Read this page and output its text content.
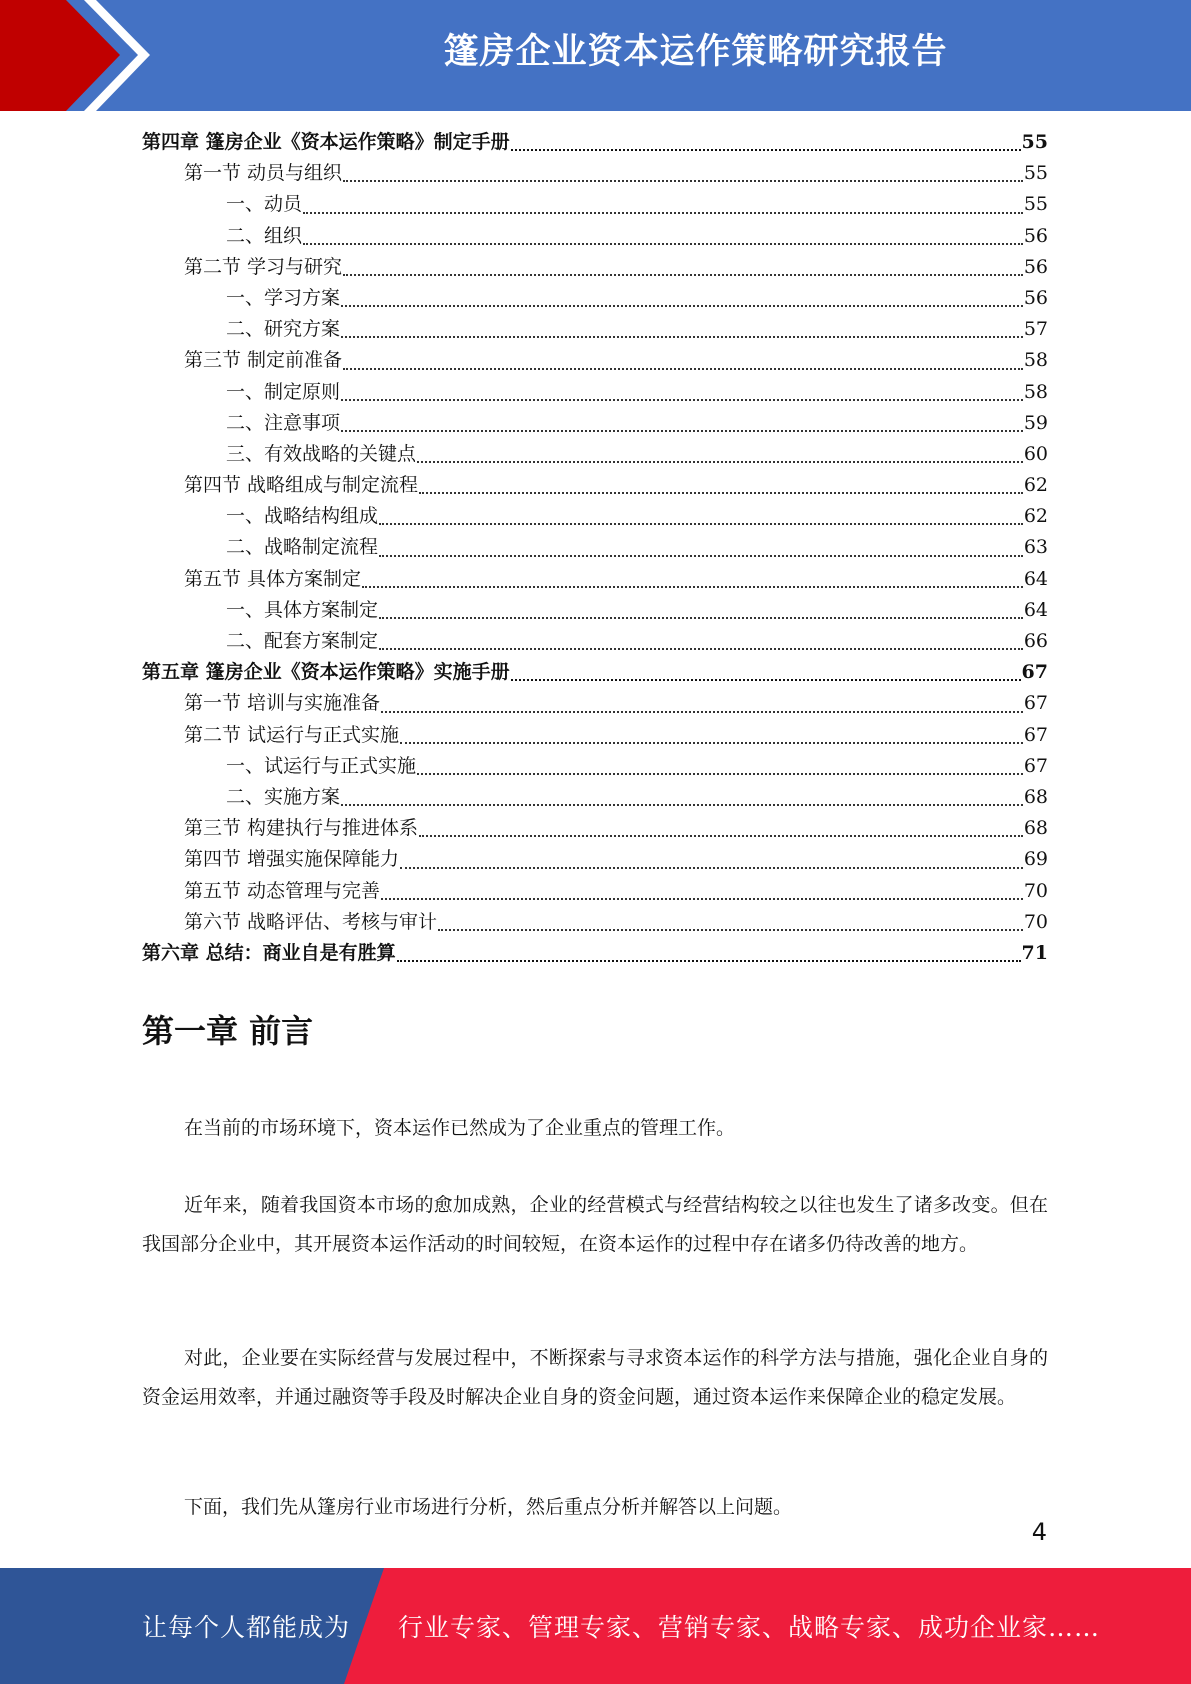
篷房企业资本运作策略研究报告
第四章 篷房企业《资本运作策略》制定手册	55
第一节 动员与组织	55
一、动员	55
二、组织	56
第二节 学习与研究	56
一、学习方案	56
二、研究方案	57
第三节 制定前准备	58
一、制定原则	58
二、注意事项	59
三、有效战略的关键点	60
第四节 战略组成与制定流程	62
一、战略结构组成	62
二、战略制定流程	63
第五节 具体方案制定	64
一、具体方案制定	64
二、配套方案制定	66
第五章 篷房企业《资本运作策略》实施手册	67
第一节 培训与实施准备	67
第二节 试运行与正式实施	67
一、试运行与正式实施	67
二、实施方案	68
第三节 构建执行与推进体系	68
第四节 增强实施保障能力	69
第五节 动态管理与完善	70
第六节 战略评估、考核与审计	70
第六章 总结：商业自是有胜算	71
第一章 前言

在当前的市场环境下，资本运作已然成为了企业重点的管理工作。

近年来，随着我国资本市场的愈加成熟，企业的经营模式与经营结构较之以往也发生了诸多改变。但在我国部分企业中，其开展资本运作活动的时间较短，在资本运作的过程中存在诸多仍待改善的地方。

对此，企业要在实际经营与发展过程中，不断探索与寻求资本运作的科学方法与措施，强化企业自身的资金运用效率，并通过融资等手段及时解决企业自身的资金问题，通过资本运作来保障企业的稳定发展。

下面，我们先从篷房行业市场进行分析，然后重点分析并解答以上问题。

4
让每个人都能成为 行业专家、管理专家、营销专家、战略专家、成功企业家……
